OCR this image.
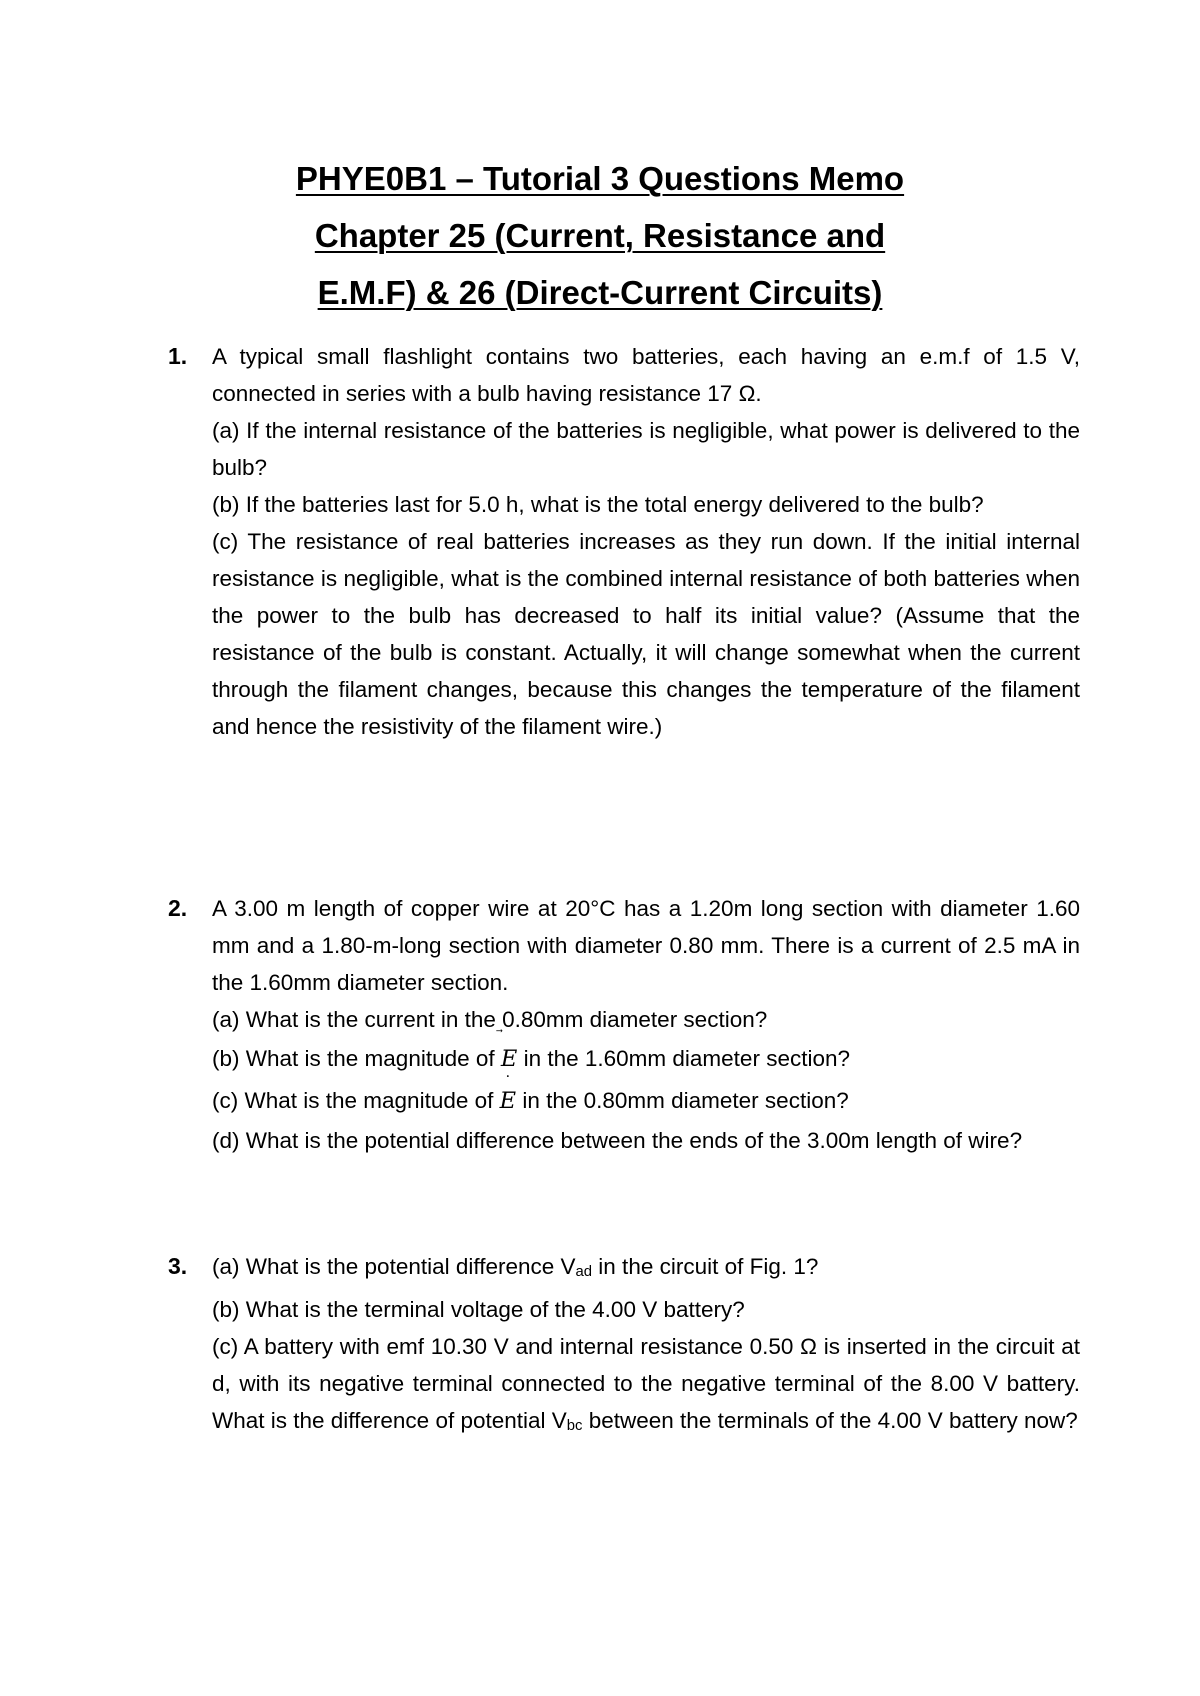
PHYE0B1 – Tutorial 3 Questions Memo

Chapter 25 (Current, Resistance and

E.M.F) & 26 (Direct-Current Circuits)

1. A typical small flashlight contains two batteries, each having an e.m.f of 1.5 V, connected in series with a bulb having resistance 17 Ω.

(a) If the internal resistance of the batteries is negligible, what power is delivered to the bulb?

(b) If the batteries last for 5.0 h, what is the total energy delivered to the bulb?

(c) The resistance of real batteries increases as they run down. If the initial internal resistance is negligible, what is the combined internal resistance of both batteries when the power to the bulb has decreased to half its initial value? (Assume that the resistance of the bulb is constant. Actually, it will change somewhat when the current through the filament changes, because this changes the temperature of the filament and hence the resistivity of the filament wire.)

2. A 3.00 m length of copper wire at 20°C has a 1.20m long section with diameter 1.60 mm and a 1.80-m-long section with diameter 0.80 mm. There is a current of 2.5 mA in the 1.60mm diameter section.

(a) What is the current in the 0.80mm diameter section?

(b) What is the magnitude of
E in the 1.60mm diameter section?

(c) What is the magnitude of
·
E in the 0.80mm diameter section?

(d) What is the potential difference between the ends of the 3.00m length of wire?

3. (a) What is the potential difference Vad in the circuit of Fig. 1?

(b) What is the terminal voltage of the 4.00 V battery?

(c) A battery with emf 10.30 V and internal resistance 0.50 Ω is inserted in the circuit at d, with its negative terminal connected to the negative terminal of the 8.00 V battery. What is the difference of potential Vbc between the terminals of the 4.00 V battery now?
